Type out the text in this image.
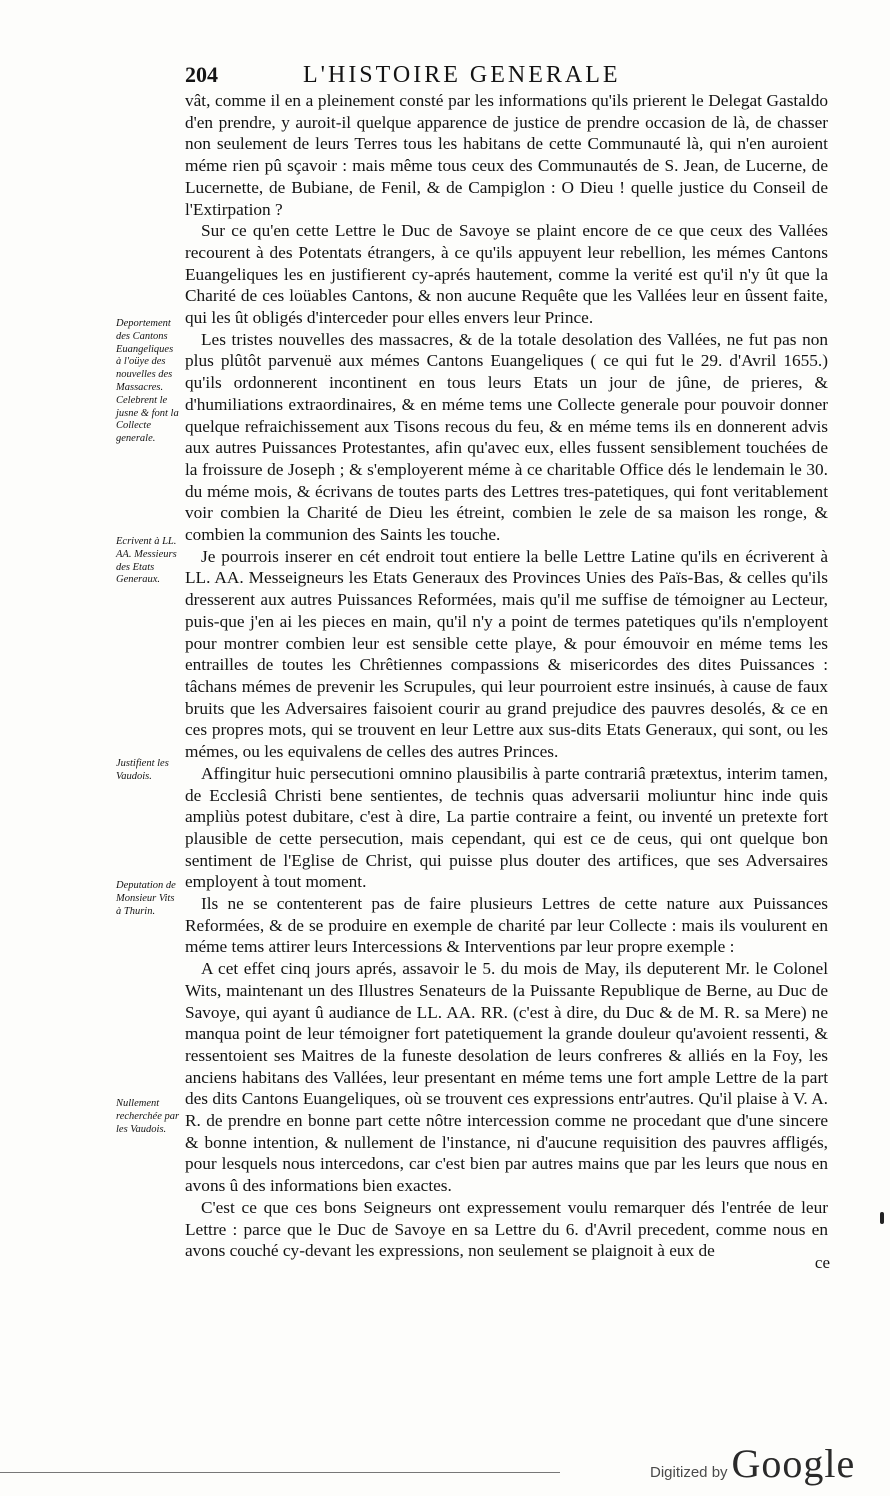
204	L'HISTOIRE GENERALE

vât, comme il en a pleinement consté par les informations qu'ils prierent le Delegat Gastaldo d'en prendre, y auroit-il quelque apparence de justice de prendre occasion de là, de chasser non seulement de leurs Terres tous les habitans de cette Communauté là, qui n'en auroient méme rien pû sçavoir : mais même tous ceux des Communautés de S. Jean, de Lucerne, de Lucernette, de Bubiane, de Fenil, & de Campiglon : O Dieu ! quelle justice du Conseil de l'Extirpation ?

Sur ce qu'en cette Lettre le Duc de Savoye se plaint encore de ce que ceux des Vallées recourent à des Potentats étrangers, à ce qu'ils appuyent leur rebellion, les mémes Cantons Euangeliques les en justifierent cy-aprés hautement, comme la verité est qu'il n'y ût que la Charité de ces loüables Cantons, & non aucune Requête que les Vallées leur en ûssent faite, qui les ût obligés d'interceder pour elles envers leur Prince.

Les tristes nouvelles des massacres, & de la totale desolation des Vallées, ne fut pas non plus plûtôt parvenuë aux mémes Cantons Euangeliques ( ce qui fut le 29. d'Avril 1655.) qu'ils ordonnerent incontinent en tous leurs Etats un jour de jûne, de prieres, & d'humiliations extraordinaires, & en méme tems une Collecte generale pour pouvoir donner quelque refraichissement aux Tisons recous du feu, & en méme tems ils en donnerent advis aux autres Puissances Protestantes, afin qu'avec eux, elles fussent sensiblement touchées de la froissure de Joseph ; & s'employerent méme à ce charitable Office dés le lendemain le 30. du méme mois, & écrivans de toutes parts des Lettres tres-patetiques, qui font veritablement voir combien la Charité de Dieu les étreint, combien le zele de sa maison les ronge, & combien la communion des Saints les touche.

Je pourrois inserer en cét endroit tout entiere la belle Lettre Latine qu'ils en écriverent à LL. AA. Messeigneurs les Etats Generaux des Provinces Unies des Païs-Bas, & celles qu'ils dresserent aux autres Puissances Reformées, mais qu'il me suffise de témoigner au Lecteur, puis-que j'en ai les pieces en main, qu'il n'y a point de termes patetiques qu'ils n'employent pour montrer combien leur est sensible cette playe, & pour émouvoir en méme tems les entrailles de toutes les Chrêtiennes compassions & misericordes des dites Puissances : tâchans mémes de prevenir les Scrupules, qui leur pourroient estre insinués, à cause de faux bruits que les Adversaires faisoient courir au grand prejudice des pauvres desolés, & ce en ces propres mots, qui se trouvent en leur Lettre aux sus-dits Etats Generaux, qui sont, ou les mémes, ou les equivalens de celles des autres Princes.

Affingitur huic persecutioni omnino plausibilis à parte contrariâ prætextus, interim tamen, de Ecclesiâ Christi bene sentientes, de technis quas adversarii moliuntur hinc inde quis ampliùs potest dubitare, c'est à dire, La partie contraire a feint, ou inventé un pretexte fort plausible de cette persecution, mais cependant, qui est ce de ceus, qui ont quelque bon sentiment de l'Eglise de Christ, qui puisse plus douter des artifices, que ses Adversaires employent à tout moment.

Ils ne se contenterent pas de faire plusieurs Lettres de cette nature aux Puissances Reformées, & de se produire en exemple de charité par leur Collecte : mais ils voulurent en méme tems attirer leurs Intercessions & Interventions par leur propre exemple :

A cet effet cinq jours aprés, assavoir le 5. du mois de May, ils deputerent Mr. le Colonel Wits, maintenant un des Illustres Senateurs de la Puissante Republique de Berne, au Duc de Savoye, qui ayant û audiance de LL. AA. RR. (c'est à dire, du Duc & de M. R. sa Mere) ne manqua point de leur témoigner fort patetiquement la grande douleur qu'avoient ressenti, & ressentoient ses Maitres de la funeste desolation de leurs confreres & alliés en la Foy, les anciens habitans des Vallées, leur presentant en méme tems une fort ample Lettre de la part des dits Cantons Euangeliques, où se trouvent ces expressions entr'autres. Qu'il plaise à V. A. R. de prendre en bonne part cette nôtre intercession comme ne procedant que d'une sincere & bonne intention, & nullement de l'instance, ni d'aucune requisition des pauvres affligés, pour lesquels nous intercedons, car c'est bien par autres mains que par les leurs que nous en avons û des informations bien exactes.

C'est ce que ces bons Seigneurs ont expressement voulu remarquer dés l'entrée de leur Lettre : parce que le Duc de Savoye en sa Lettre du 6. d'Avril precedent, comme nous en avons couché cy-devant les expressions, non seulement se plaignoit à eux de

ce
Deportement des Cantons Euangeliques à l'oüye des nouvelles des Massacres. Celebrent le jusne & font la Collecte generale.
Ecrivent à LL. AA. Messieurs des Etats Generaux.
Justifient les Vaudois.
Deputation de Monsieur Vits à Thurin.
Nullement recherchée par les Vaudois.
Digitized by Google
